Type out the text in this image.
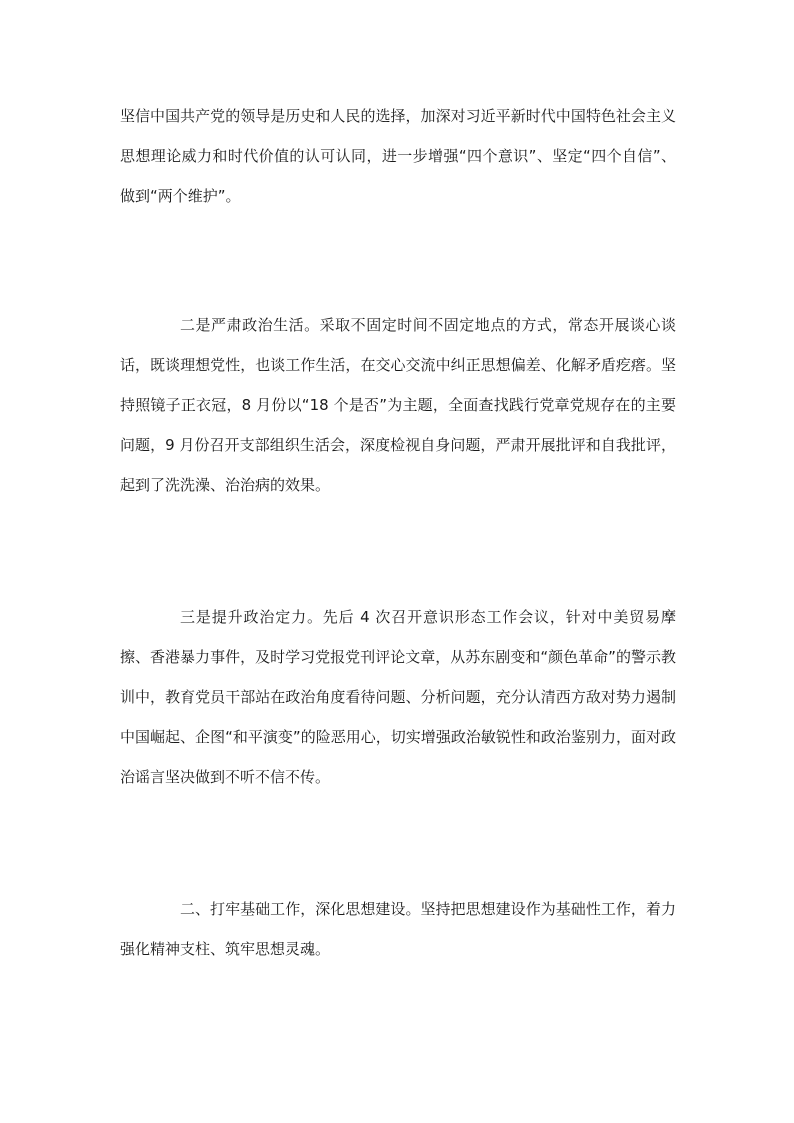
坚信中国共产党的领导是历史和人民的选择，加深对习近平新时代中国特色社会主义思想理论威力和时代价值的认可认同，进一步增强“四个意识”、坚定“四个自信”、做到“两个维护”。

二是严肃政治生活。采取不固定时间不固定地点的方式，常态开展谈心谈话，既谈理想党性，也谈工作生活，在交心交流中纠正思想偏差、化解矛盾疙瘩。坚持照镜子正衣冠，8 月份以“18 个是否”为主题，全面查找践行党章党规存在的主要问题，9 月份召开支部组织生活会，深度检视自身问题，严肃开展批评和自我批评，起到了洗洗澡、治治病的效果。

三是提升政治定力。先后 4 次召开意识形态工作会议，针对中美贸易摩擦、香港暴力事件，及时学习党报党刊评论文章，从苏东剧变和“颜色革命”的警示教训中，教育党员干部站在政治角度看待问题、分析问题，充分认清西方敌对势力遏制中国崛起、企图“和平演变”的险恶用心，切实增强政治敏锐性和政治鉴别力，面对政治谣言坚决做到不听不信不传。

二、打牢基础工作，深化思想建设。坚持把思想建设作为基础性工作，着力强化精神支柱、筑牢思想灵魂。
